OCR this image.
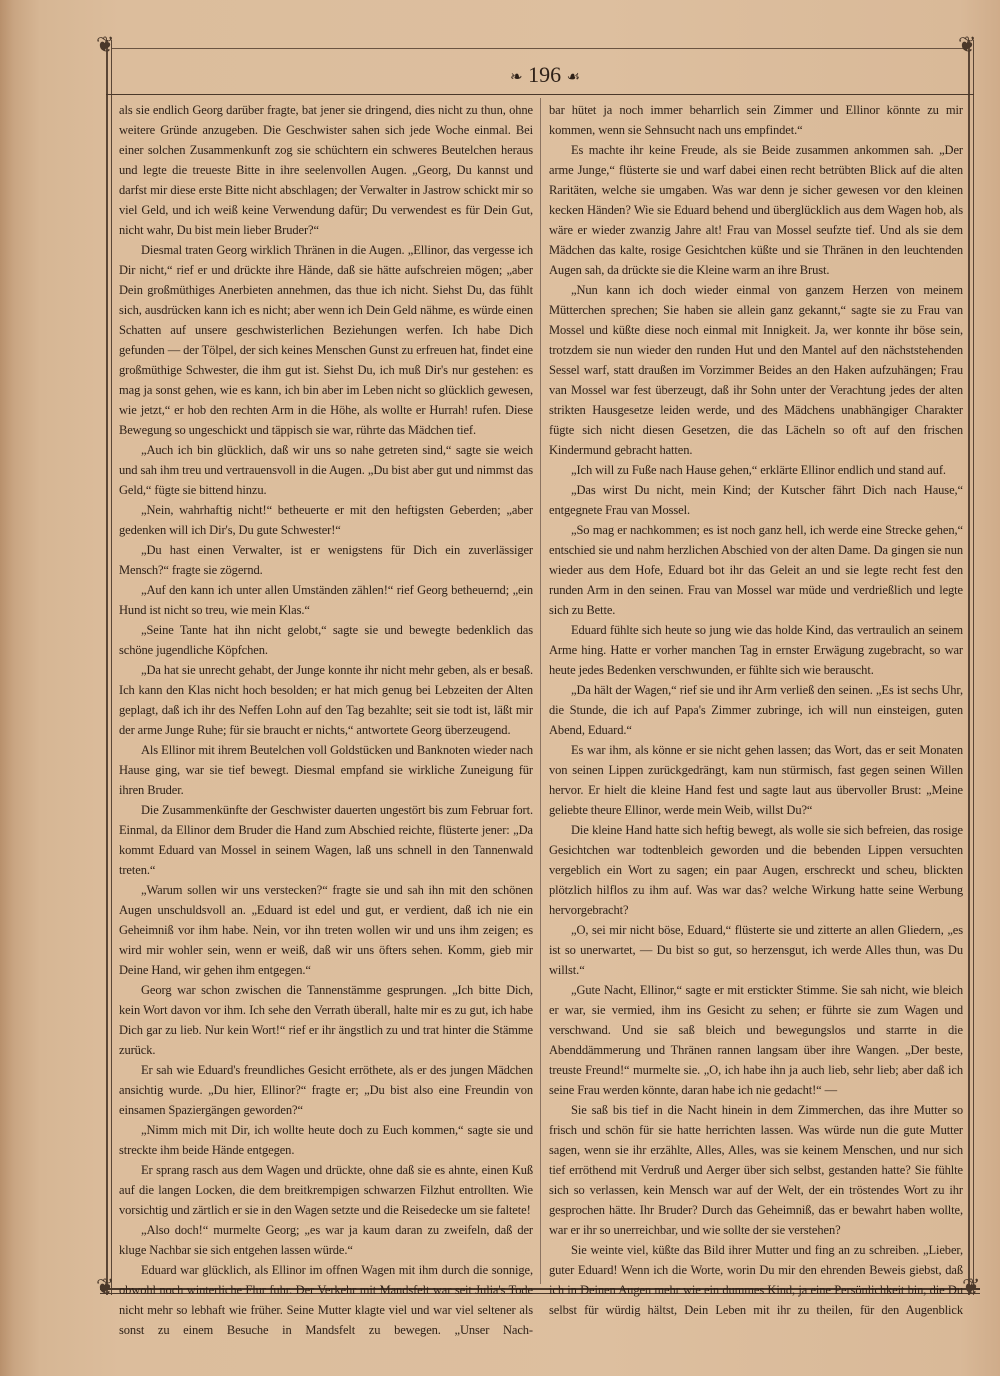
❦	❦
❦	❦
❧ 196 ☙

als sie endlich Georg darüber fragte, bat jener sie dringend, dies nicht zu thun, ohne weitere Gründe anzugeben. Die Geschwister sahen sich jede Woche einmal. Bei einer solchen Zusammenkunft zog sie schüchtern ein schweres Beutelchen heraus und legte die treueste Bitte in ihre seelenvollen Augen. „Georg, Du kannst und darfst mir diese erste Bitte nicht abschlagen; der Verwalter in Jastrow schickt mir so viel Geld, und ich weiß keine Verwendung dafür; Du verwendest es für Dein Gut, nicht wahr, Du bist mein lieber Bruder?“

Diesmal traten Georg wirklich Thränen in die Augen. „Ellinor, das vergesse ich Dir nicht,“ rief er und drückte ihre Hände, daß sie hätte aufschreien mögen; „aber Dein großmüthiges Anerbieten annehmen, das thue ich nicht. Siehst Du, das fühlt sich, ausdrücken kann ich es nicht; aber wenn ich Dein Geld nähme, es würde einen Schatten auf unsere geschwisterlichen Beziehungen werfen. Ich habe Dich gefunden — der Tölpel, der sich keines Menschen Gunst zu erfreuen hat, findet eine großmüthige Schwester, die ihm gut ist. Siehst Du, ich muß Dir's nur gestehen: es mag ja sonst gehen, wie es kann, ich bin aber im Leben nicht so glücklich gewesen, wie jetzt,“ er hob den rechten Arm in die Höhe, als wollte er Hurrah! rufen. Diese Bewegung so ungeschickt und täppisch sie war, rührte das Mädchen tief.

„Auch ich bin glücklich, daß wir uns so nahe getreten sind,“ sagte sie weich und sah ihm treu und vertrauensvoll in die Augen. „Du bist aber gut und nimmst das Geld,“ fügte sie bittend hinzu.

„Nein, wahrhaftig nicht!“ betheuerte er mit den heftigsten Geberden; „aber gedenken will ich Dir's, Du gute Schwester!“

„Du hast einen Verwalter, ist er wenigstens für Dich ein zuverlässiger Mensch?“ fragte sie zögernd.

„Auf den kann ich unter allen Umständen zählen!“ rief Georg betheuernd; „ein Hund ist nicht so treu, wie mein Klas.“

„Seine Tante hat ihn nicht gelobt,“ sagte sie und bewegte bedenklich das schöne jugendliche Köpfchen.

„Da hat sie unrecht gehabt, der Junge konnte ihr nicht mehr geben, als er besaß. Ich kann den Klas nicht hoch besolden; er hat mich genug bei Lebzeiten der Alten geplagt, daß ich ihr des Neffen Lohn auf den Tag bezahlte; seit sie todt ist, läßt mir der arme Junge Ruhe; für sie braucht er nichts,“ antwortete Georg überzeugend.

Als Ellinor mit ihrem Beutelchen voll Goldstücken und Banknoten wieder nach Hause ging, war sie tief bewegt. Diesmal empfand sie wirkliche Zuneigung für ihren Bruder.

Die Zusammenkünfte der Geschwister dauerten ungestört bis zum Februar fort. Einmal, da Ellinor dem Bruder die Hand zum Abschied reichte, flüsterte jener: „Da kommt Eduard van Mossel in seinem Wagen, laß uns schnell in den Tannenwald treten.“

„Warum sollen wir uns verstecken?“ fragte sie und sah ihn mit den schönen Augen unschuldsvoll an. „Eduard ist edel und gut, er verdient, daß ich nie ein Geheimniß vor ihm habe. Nein, vor ihn treten wollen wir und uns ihm zeigen; es wird mir wohler sein, wenn er weiß, daß wir uns öfters sehen. Komm, gieb mir Deine Hand, wir gehen ihm entgegen.“

Georg war schon zwischen die Tannenstämme gesprungen. „Ich bitte Dich, kein Wort davon vor ihm. Ich sehe den Verrath überall, halte mir es zu gut, ich habe Dich gar zu lieb. Nur kein Wort!“ rief er ihr ängstlich zu und trat hinter die Stämme zurück.

Er sah wie Eduard's freundliches Gesicht erröthete, als er des jungen Mädchen ansichtig wurde. „Du hier, Ellinor?“ fragte er; „Du bist also eine Freundin von einsamen Spaziergängen geworden?“

„Nimm mich mit Dir, ich wollte heute doch zu Euch kommen,“ sagte sie und streckte ihm beide Hände entgegen.

Er sprang rasch aus dem Wagen und drückte, ohne daß sie es ahnte, einen Kuß auf die langen Locken, die dem breitkrempigen schwarzen Filzhut entrollten. Wie vorsichtig und zärtlich er sie in den Wagen setzte und die Reisedecke um sie faltete!

„Also doch!“ murmelte Georg; „es war ja kaum daran zu zweifeln, daß der kluge Nachbar sie sich entgehen lassen würde.“

Eduard war glücklich, als Ellinor im offnen Wagen mit ihm durch die sonnige, obwohl noch winterliche Flur fuhr. Der Verkehr mit Mandsfelt war seit Julia's Tode nicht mehr so lebhaft wie früher. Seine Mutter klagte viel und war viel seltener als sonst zu einem Besuche in Mandsfelt zu bewegen. „Unser Nach-

bar hütet ja noch immer beharrlich sein Zimmer und Ellinor könnte zu mir kommen, wenn sie Sehnsucht nach uns empfindet.“

Es machte ihr keine Freude, als sie Beide zusammen ankommen sah. „Der arme Junge,“ flüsterte sie und warf dabei einen recht betrübten Blick auf die alten Raritäten, welche sie umgaben. Was war denn je sicher gewesen vor den kleinen kecken Händen? Wie sie Eduard behend und überglücklich aus dem Wagen hob, als wäre er wieder zwanzig Jahre alt! Frau van Mossel seufzte tief. Und als sie dem Mädchen das kalte, rosige Gesichtchen küßte und sie Thränen in den leuchtenden Augen sah, da drückte sie die Kleine warm an ihre Brust.

„Nun kann ich doch wieder einmal von ganzem Herzen von meinem Mütterchen sprechen; Sie haben sie allein ganz gekannt,“ sagte sie zu Frau van Mossel und küßte diese noch einmal mit Innigkeit. Ja, wer konnte ihr böse sein, trotzdem sie nun wieder den runden Hut und den Mantel auf den nächststehenden Sessel warf, statt draußen im Vorzimmer Beides an den Haken aufzuhängen; Frau van Mossel war fest überzeugt, daß ihr Sohn unter der Verachtung jedes der alten strikten Hausgesetze leiden werde, und des Mädchens unabhängiger Charakter fügte sich nicht diesen Gesetzen, die das Lächeln so oft auf den frischen Kindermund gebracht hatten.

„Ich will zu Fuße nach Hause gehen,“ erklärte Ellinor endlich und stand auf.

„Das wirst Du nicht, mein Kind; der Kutscher fährt Dich nach Hause,“ entgegnete Frau van Mossel.

„So mag er nachkommen; es ist noch ganz hell, ich werde eine Strecke gehen,“ entschied sie und nahm herzlichen Abschied von der alten Dame. Da gingen sie nun wieder aus dem Hofe, Eduard bot ihr das Geleit an und sie legte recht fest den runden Arm in den seinen. Frau van Mossel war müde und verdrießlich und legte sich zu Bette.

Eduard fühlte sich heute so jung wie das holde Kind, das vertraulich an seinem Arme hing. Hatte er vorher manchen Tag in ernster Erwägung zugebracht, so war heute jedes Bedenken verschwunden, er fühlte sich wie berauscht.

„Da hält der Wagen,“ rief sie und ihr Arm verließ den seinen. „Es ist sechs Uhr, die Stunde, die ich auf Papa's Zimmer zubringe, ich will nun einsteigen, guten Abend, Eduard.“

Es war ihm, als könne er sie nicht gehen lassen; das Wort, das er seit Monaten von seinen Lippen zurückgedrängt, kam nun stürmisch, fast gegen seinen Willen hervor. Er hielt die kleine Hand fest und sagte laut aus übervoller Brust: „Meine geliebte theure Ellinor, werde mein Weib, willst Du?“

Die kleine Hand hatte sich heftig bewegt, als wolle sie sich befreien, das rosige Gesichtchen war todtenbleich geworden und die bebenden Lippen versuchten vergeblich ein Wort zu sagen; ein paar Augen, erschreckt und scheu, blickten plötzlich hilflos zu ihm auf. Was war das? welche Wirkung hatte seine Werbung hervorgebracht?

„O, sei mir nicht böse, Eduard,“ flüsterte sie und zitterte an allen Gliedern, „es ist so unerwartet, — Du bist so gut, so herzensgut, ich werde Alles thun, was Du willst.“

„Gute Nacht, Ellinor,“ sagte er mit erstickter Stimme. Sie sah nicht, wie bleich er war, sie vermied, ihm ins Gesicht zu sehen; er führte sie zum Wagen und verschwand. Und sie saß bleich und bewegungslos und starrte in die Abenddämmerung und Thränen rannen langsam über ihre Wangen. „Der beste, treuste Freund!“ murmelte sie. „O, ich habe ihn ja auch lieb, sehr lieb; aber daß ich seine Frau werden könnte, daran habe ich nie gedacht!“ —

Sie saß bis tief in die Nacht hinein in dem Zimmerchen, das ihre Mutter so frisch und schön für sie hatte herrichten lassen. Was würde nun die gute Mutter sagen, wenn sie ihr erzählte, Alles, Alles, was sie keinem Menschen, und nur sich tief erröthend mit Verdruß und Aerger über sich selbst, gestanden hatte? Sie fühlte sich so verlassen, kein Mensch war auf der Welt, der ein tröstendes Wort zu ihr gesprochen hätte. Ihr Bruder? Durch das Geheimniß, das er bewahrt haben wollte, war er ihr so unerreichbar, und wie sollte der sie verstehen?

Sie weinte viel, küßte das Bild ihrer Mutter und fing an zu schreiben. „Lieber, guter Eduard! Wenn ich die Worte, worin Du mir den ehrenden Beweis giebst, daß ich in Deinen Augen mehr wie ein dummes Kind, ja eine Persönlichkeit bin, die Du selbst für würdig hältst, Dein Leben mit ihr zu theilen, für den Augenblick
